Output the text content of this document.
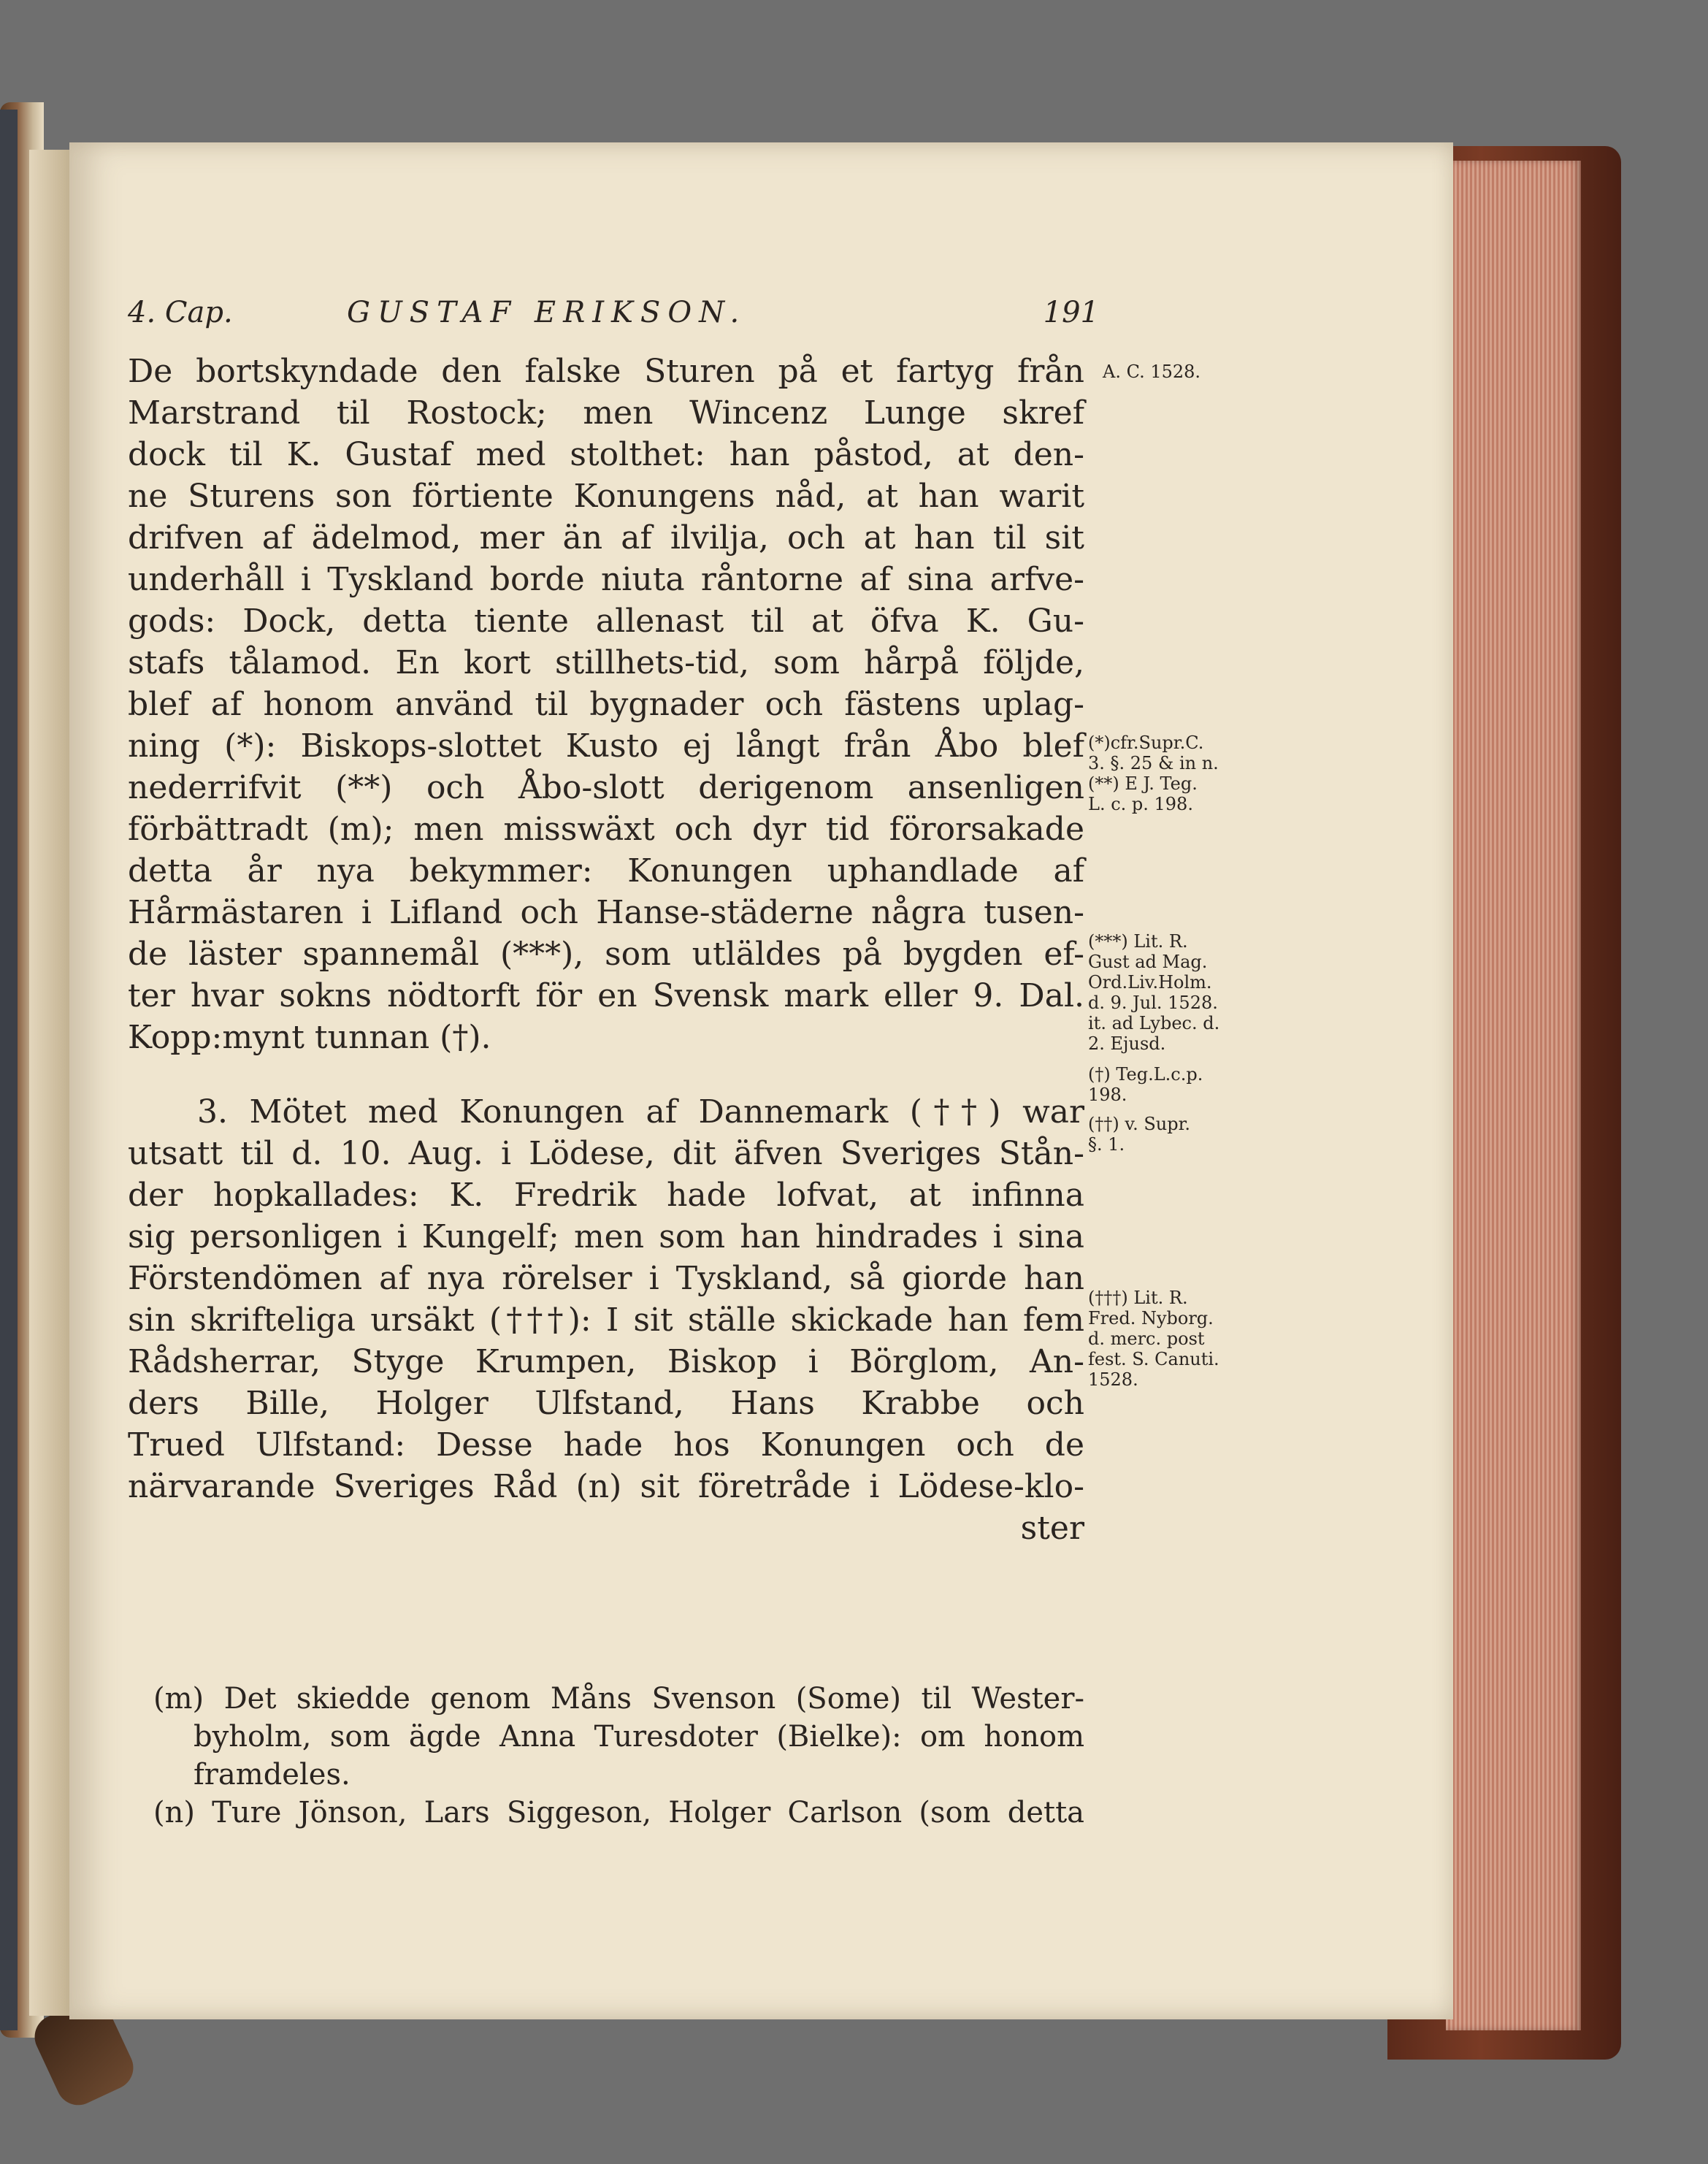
4. Cap.	GUSTAF ERIKSON.	191
De bortskyndade den falske Sturen på et fartyg från
Marstrand til Rostock; men Wincenz Lunge skref
dock til K. Gustaf med stolthet: han påstod, at den-
ne Sturens son förtiente Konungens nåd, at han warit
drifven af ädelmod, mer än af ilvilja, och at han til sit
underhåll i Tyskland borde niuta råntorne af sina arfve-
gods: Dock, detta tiente allenast til at öfva K. Gu-
stafs tålamod. En kort stillhets-tid, som hårpå följde,
blef af honom använd til bygnader och fästens uplag-
ning (*): Biskops-slottet Kusto ej långt från Åbo blef
nederrifvit (**) och Åbo-slott derigenom ansenligen
förbättradt (m); men misswäxt och dyr tid förorsakade
detta år nya bekymmer: Konungen uphandlade af
Hårmästaren i Lifland och Hanse-städerne några tusen-
de läster spannemål (***), som utläldes på bygden ef-
ter hvar sokns nödtorft för en Svensk mark eller 9. Dal.
Kopp:mynt tunnan (†).
3. Mötet med Konungen af Dannemark (††) war
utsatt til d. 10. Aug. i Lödese, dit äfven Sveriges Stån-
der hopkallades: K. Fredrik hade lofvat, at infinna
sig personligen i Kungelf; men som han hindrades i sina
Förstendömen af nya rörelser i Tyskland, så giorde han
sin skrifteliga ursäkt (†††): I sit ställe skickade han fem
Rådsherrar, Styge Krumpen, Biskop i Börglom, An-
ders Bille, Holger Ulfstand, Hans Krabbe och
Trued Ulfstand: Desse hade hos Konungen och de
närvarande Sveriges Råd (n) sit företråde i Lödese-klo-
ster
(m) Det skiedde genom Måns Svenson (Some) til Wester-
byholm, som ägde Anna Turesdoter (Bielke): om honom
framdeles.
(n) Ture Jönson, Lars Siggeson, Holger Carlson (som detta
A. C. 1528.
(*)cfr.Supr.C.
3. §. 25 & in n.
(**) E J. Teg.
L. c. p. 198.
(***) Lit. R.
Gust ad Mag.
Ord.Liv.Holm.
d. 9. Jul. 1528.
it. ad Lybec. d.
2. Ejusd.
(†) Teg.L.c.p.
198.
(††) v. Supr.
§. 1.
(†††) Lit. R.
Fred. Nyborg.
d. merc. post
fest. S. Canuti.
1528.
